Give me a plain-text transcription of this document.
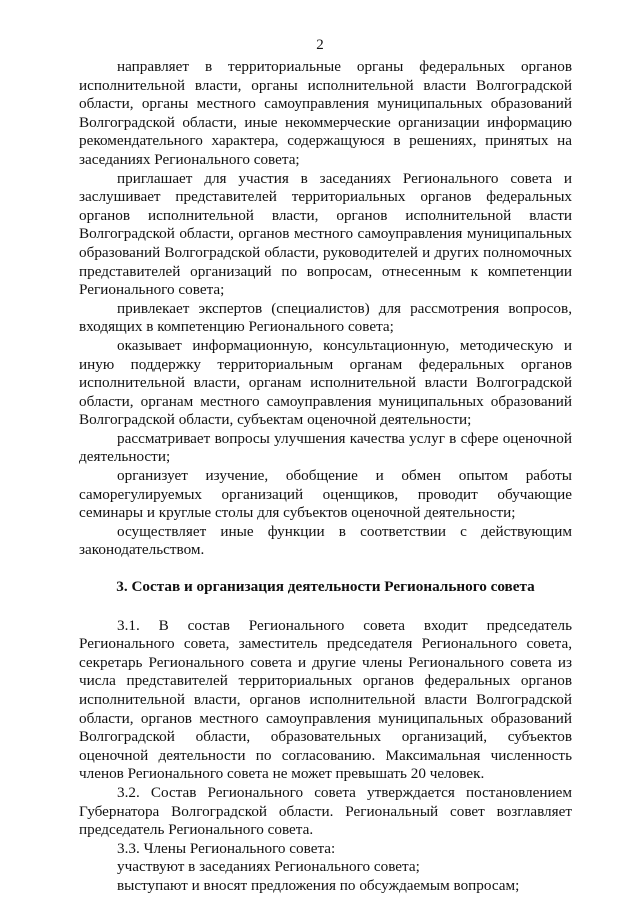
2

направляет в территориальные органы федеральных органов исполнительной власти, органы исполнительной власти Волгоградской области, органы местного самоуправления муниципальных образований Волгоградской области, иные некоммерческие организации информацию рекомендательного характера, содержащуюся в решениях, принятых на заседаниях Регионального совета;

приглашает для участия в заседаниях Регионального совета и заслушивает представителей территориальных органов федеральных органов исполнительной власти, органов исполнительной власти Волгоградской области, органов местного самоуправления муниципальных образований Волгоградской области, руководителей и других полномочных представителей организаций по вопросам, отнесенным к компетенции Регионального совета;

привлекает экспертов (специалистов) для рассмотрения вопросов, входящих в компетенцию Регионального совета;

оказывает информационную, консультационную, методическую и иную поддержку территориальным органам федеральных органов исполнительной власти, органам исполнительной власти Волгоградской области, органам местного самоуправления муниципальных образований Волгоградской области, субъектам оценочной деятельности;

рассматривает вопросы улучшения качества услуг в сфере оценочной деятельности;

организует изучение, обобщение и обмен опытом работы саморегулируемых организаций оценщиков, проводит обучающие семинары и круглые столы для субъектов оценочной деятельности;

осуществляет иные функции в соответствии с действующим законодательством.

3. Состав и организация деятельности Регионального совета

3.1. В состав Регионального совета входит председатель Регионального совета, заместитель председателя Регионального совета, секретарь Регионального совета и другие члены Регионального совета из числа представителей территориальных органов федеральных органов исполнительной власти, органов исполнительной власти Волгоградской области, органов местного самоуправления муниципальных образований Волгоградской области, образовательных организаций, субъектов оценочной деятельности по согласованию. Максимальная численность членов Регионального совета не может превышать 20 человек.

3.2. Состав Регионального совета утверждается постановлением Губернатора Волгоградской области. Региональный совет возглавляет председатель Регионального совета.

3.3. Члены Регионального совета:

участвуют в заседаниях Регионального совета;

выступают и вносят предложения по обсуждаемым вопросам;
